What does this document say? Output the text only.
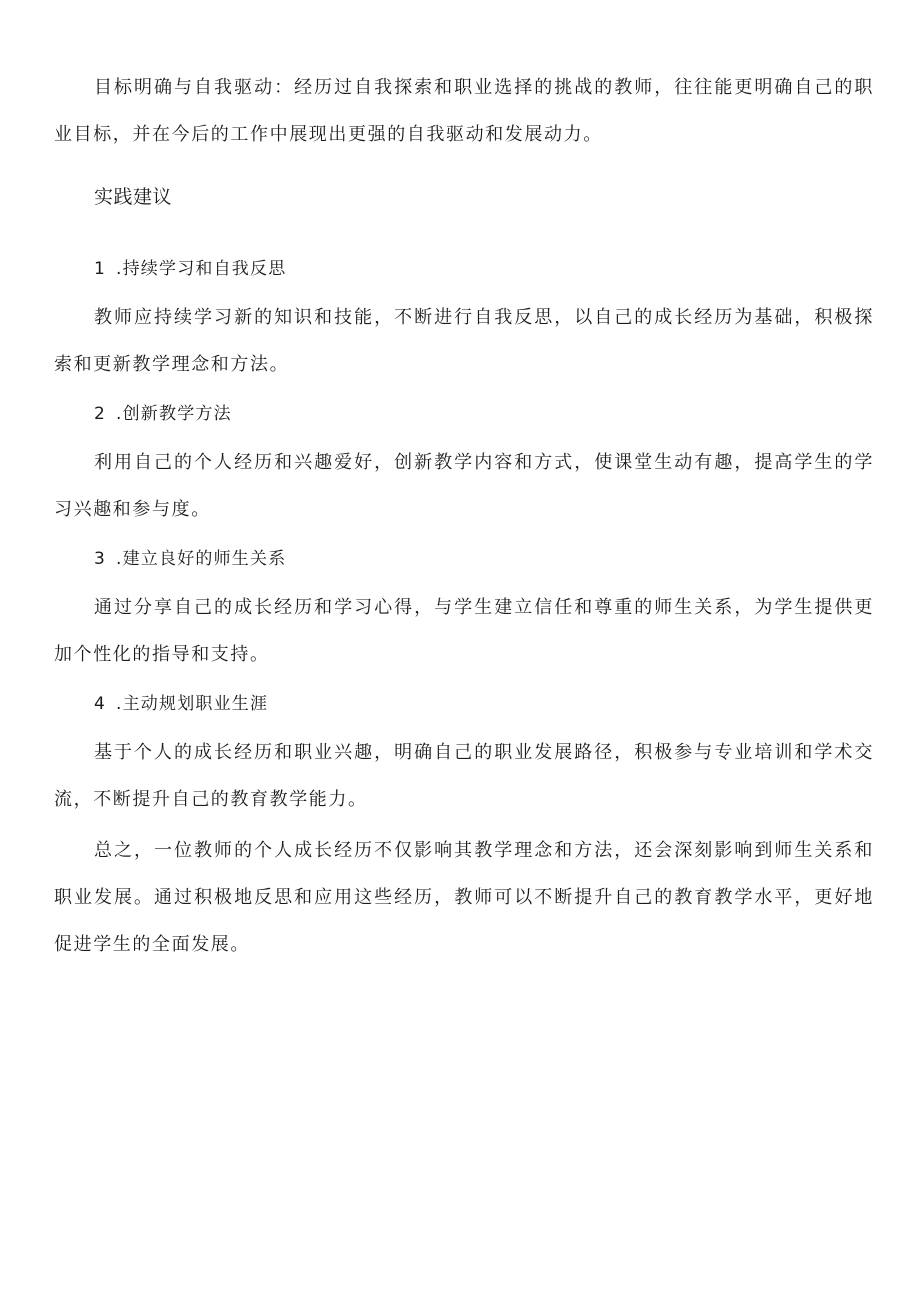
目标明确与自我驱动：经历过自我探索和职业选择的挑战的教师，往往能更明确自己的职业目标，并在今后的工作中展现出更强的自我驱动和发展动力。

实践建议
1 .持续学习和自我反思

教师应持续学习新的知识和技能，不断进行自我反思，以自己的成长经历为基础，积极探索和更新教学理念和方法。

2 .创新教学方法

利用自己的个人经历和兴趣爱好，创新教学内容和方式，使课堂生动有趣，提高学生的学习兴趣和参与度。

3 .建立良好的师生关系

通过分享自己的成长经历和学习心得，与学生建立信任和尊重的师生关系，为学生提供更加个性化的指导和支持。

4 .主动规划职业生涯

基于个人的成长经历和职业兴趣，明确自己的职业发展路径，积极参与专业培训和学术交流，不断提升自己的教育教学能力。

总之，一位教师的个人成长经历不仅影响其教学理念和方法，还会深刻影响到师生关系和职业发展。通过积极地反思和应用这些经历，教师可以不断提升自己的教育教学水平，更好地促进学生的全面发展。
